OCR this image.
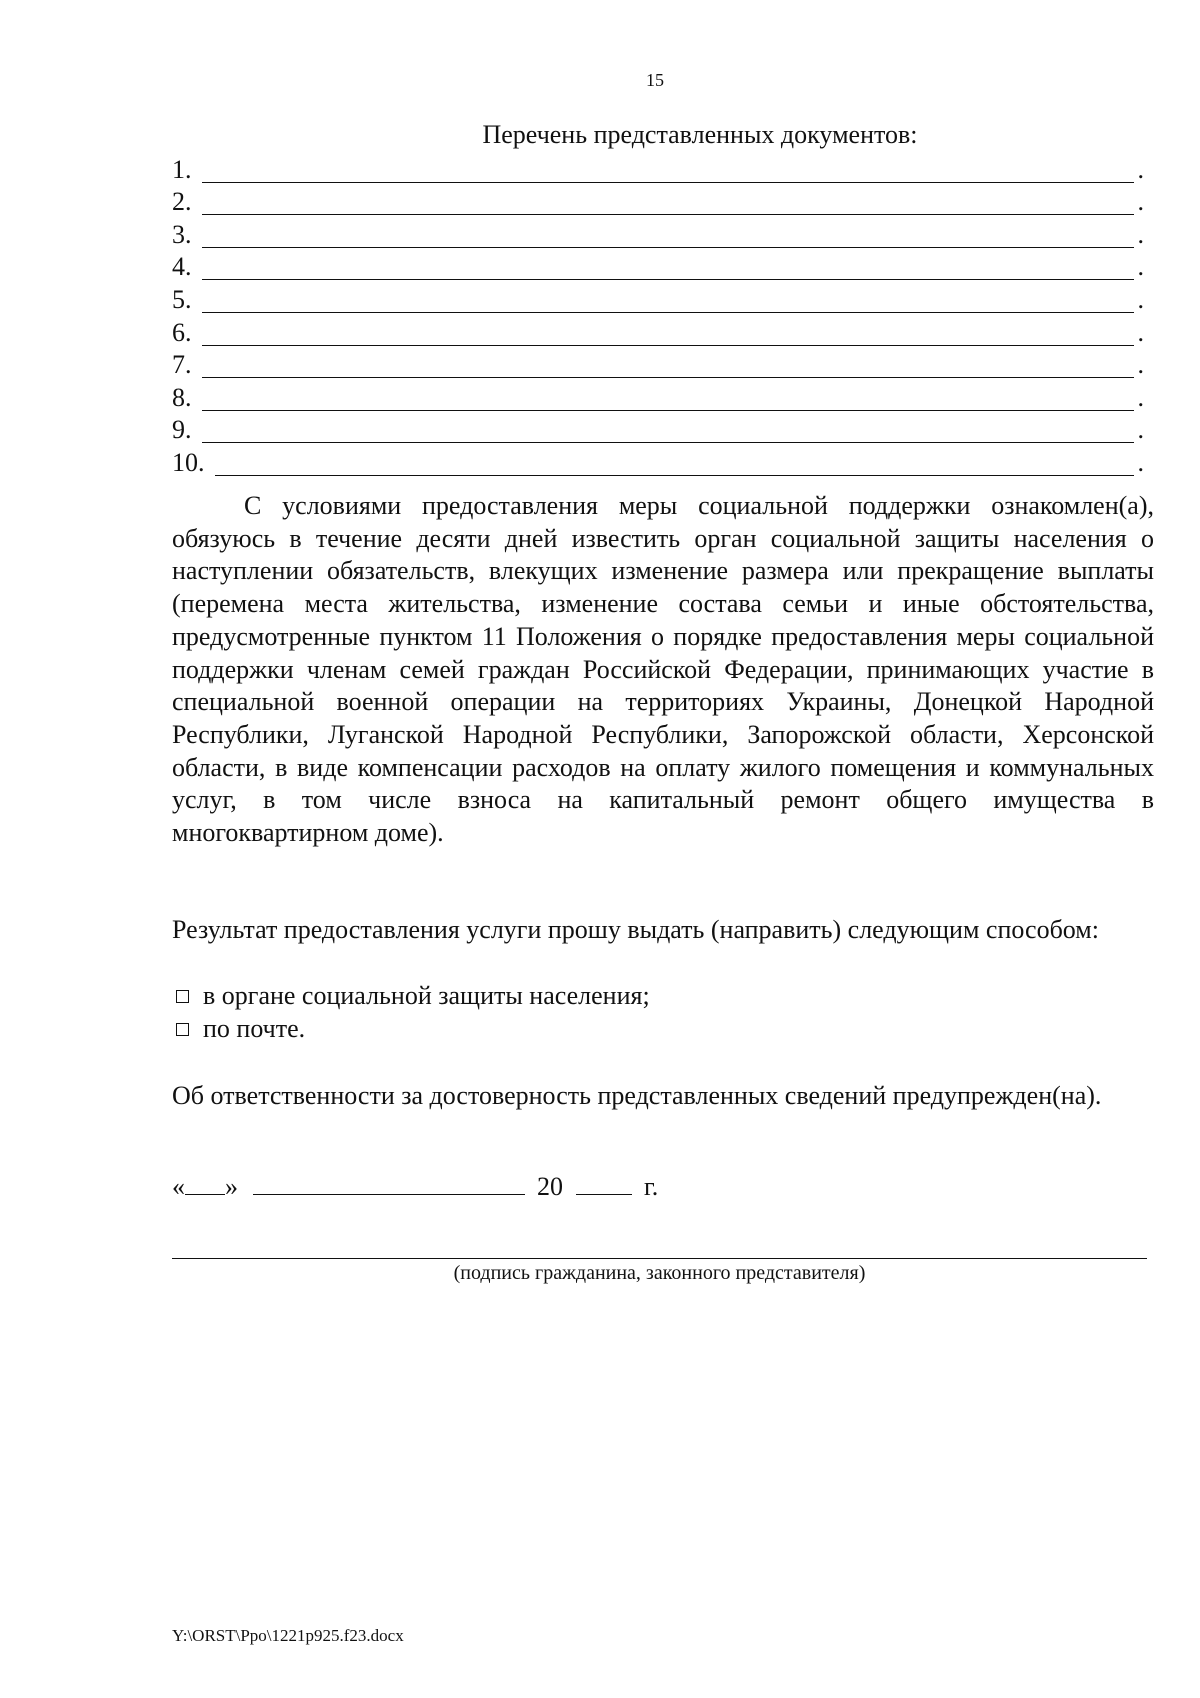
15
Перечень представленных документов:
1.	.
2.	.
3.	.
4.	.
5.	.
6.	.
7.	.
8.	.
9.	.
10.	.
С условиями предоставления меры социальной поддержки ознакомлен(а), обязуюсь в течение десяти дней известить орган социальной защиты населения о наступлении обязательств, влекущих изменение размера или прекращение выплаты (перемена места жительства, изменение состава семьи и иные обстоятельства, предусмотренные пунктом 11 Положения о порядке предоставления меры социальной поддержки членам семей граждан Российской Федерации, принимающих участие в специальной военной операции на территориях Украины, Донецкой Народной Республики, Луганской Народной Республики, Запорожской области, Херсонской области, в виде компенсации расходов на оплату жилого помещения и коммунальных услуг, в том числе взноса на капитальный ремонт общего имущества в многоквартирном доме).
Результат предоставления услуги прошу выдать (направить) следующим способом:
в органе социальной защиты населения;
по почте.
Об ответственности за достоверность представленных сведений предупрежден(на).
« »	20	г.
(подпись гражданина, законного представителя)
Y:\ORST\Ppo\1221p925.f23.docx
